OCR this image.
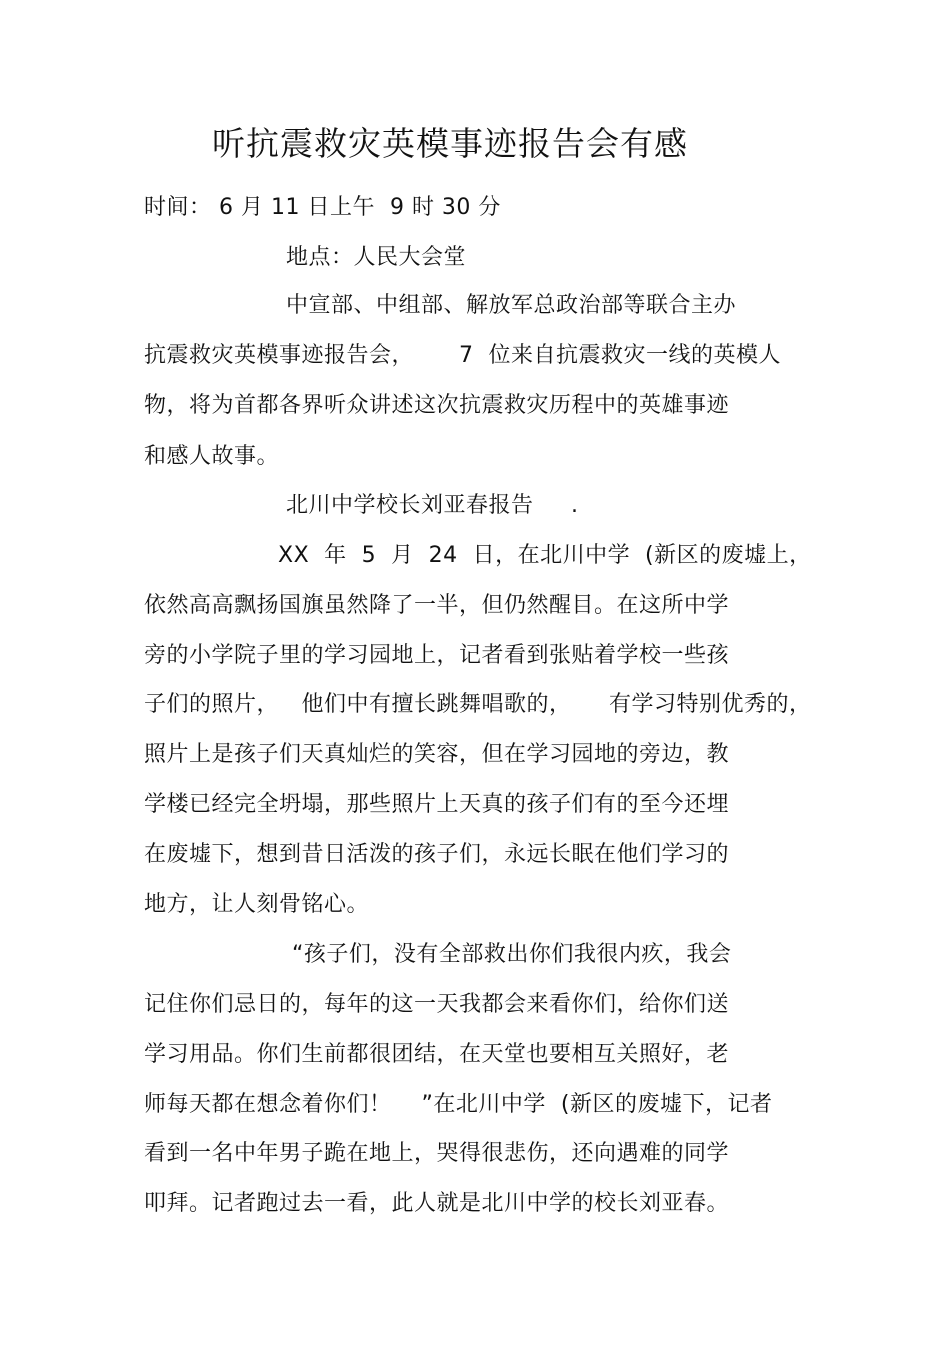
听抗震救灾英模事迹报告会有感
时间： 6 月 11 日上午  9 时 30 分
地点：人民大会堂
中宣部、中组部、解放军总政治部等联合主办
抗震救灾英模事迹报告会，      7  位来自抗震救灾一线的英模人
物，将为首都各界听众讲述这次抗震救灾历程中的英雄事迹
和感人故事。
北川中学校长刘亚春报告     .
XX  年  5  月  24  日，在北川中学  (新区的废墟上，
依然高高飘扬国旗虽然降了一半，但仍然醒目。在这所中学
旁的小学院子里的学习园地上，记者看到张贴着学校一些孩
子们的照片，   他们中有擅长跳舞唱歌的，     有学习特别优秀的，
照片上是孩子们天真灿烂的笑容，但在学习园地的旁边，教
学楼已经完全坍塌，那些照片上天真的孩子们有的至今还埋
在废墟下，想到昔日活泼的孩子们，永远长眠在他们学习的
地方，让人刻骨铭心。
“孩子们，没有全部救出你们我很内疚，我会
记住你们忌日的，每年的这一天我都会来看你们，给你们送
学习用品。你们生前都很团结，在天堂也要相互关照好，老
师每天都在想念着你们！    ”在北川中学  (新区的废墟下，记者
看到一名中年男子跪在地上，哭得很悲伤，还向遇难的同学
叩拜。记者跑过去一看，此人就是北川中学的校长刘亚春。
